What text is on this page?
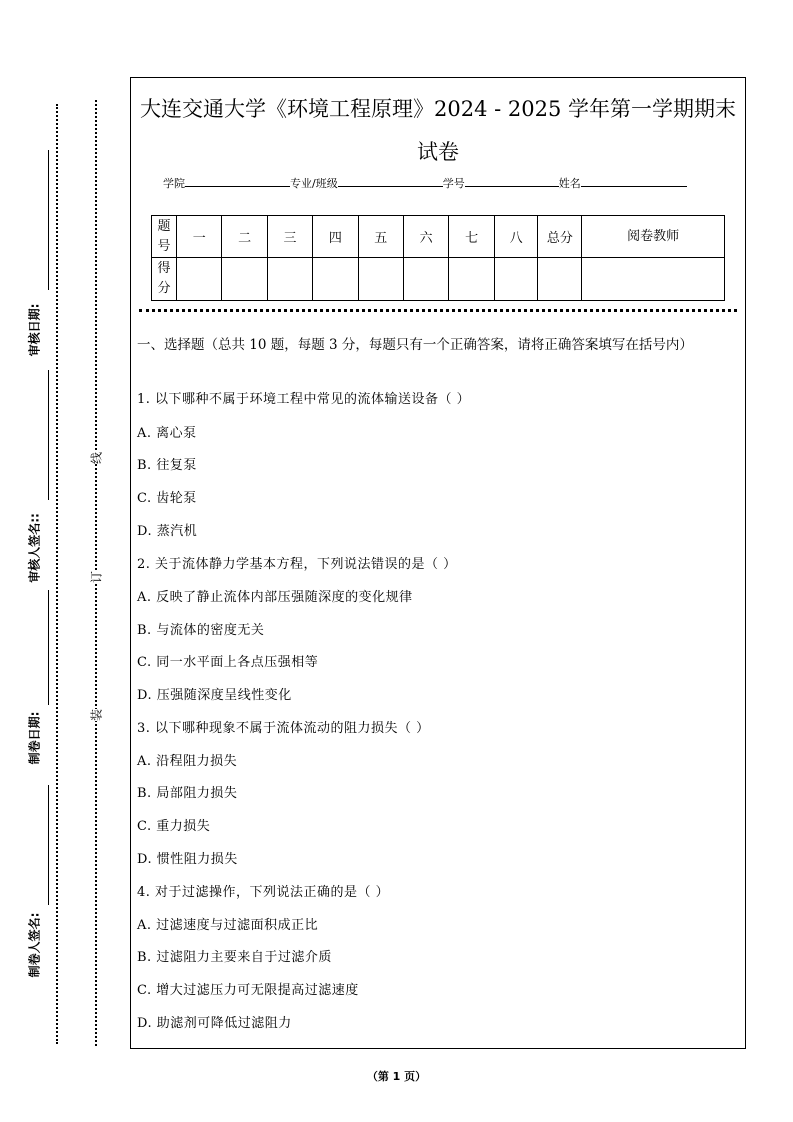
审核日期:
审核人签名::
制卷日期:
制卷人签名:
线
订
装
大连交通大学《环境工程原理》2024 - 2025 学年第一学期期末试卷
学院	专业/班级	学号	姓名
题号	一	二	三	四	五	六	七	八	总分	阅卷教师
得分										
一、选择题（总共 10 题，每题 3 分，每题只有一个正确答案，请将正确答案填写在括号内）
1. 以下哪种不属于环境工程中常见的流体输送设备（ ）
A. 离心泵
B. 往复泵
C. 齿轮泵
D. 蒸汽机
2. 关于流体静力学基本方程，下列说法错误的是（ ）
A. 反映了静止流体内部压强随深度的变化规律
B. 与流体的密度无关
C. 同一水平面上各点压强相等
D. 压强随深度呈线性变化
3. 以下哪种现象不属于流体流动的阻力损失（ ）
A. 沿程阻力损失
B. 局部阻力损失
C. 重力损失
D. 惯性阻力损失
4. 对于过滤操作，下列说法正确的是（ ）
A. 过滤速度与过滤面积成正比
B. 过滤阻力主要来自于过滤介质
C. 增大过滤压力可无限提高过滤速度
D. 助滤剂可降低过滤阻力
（第 1 页）
